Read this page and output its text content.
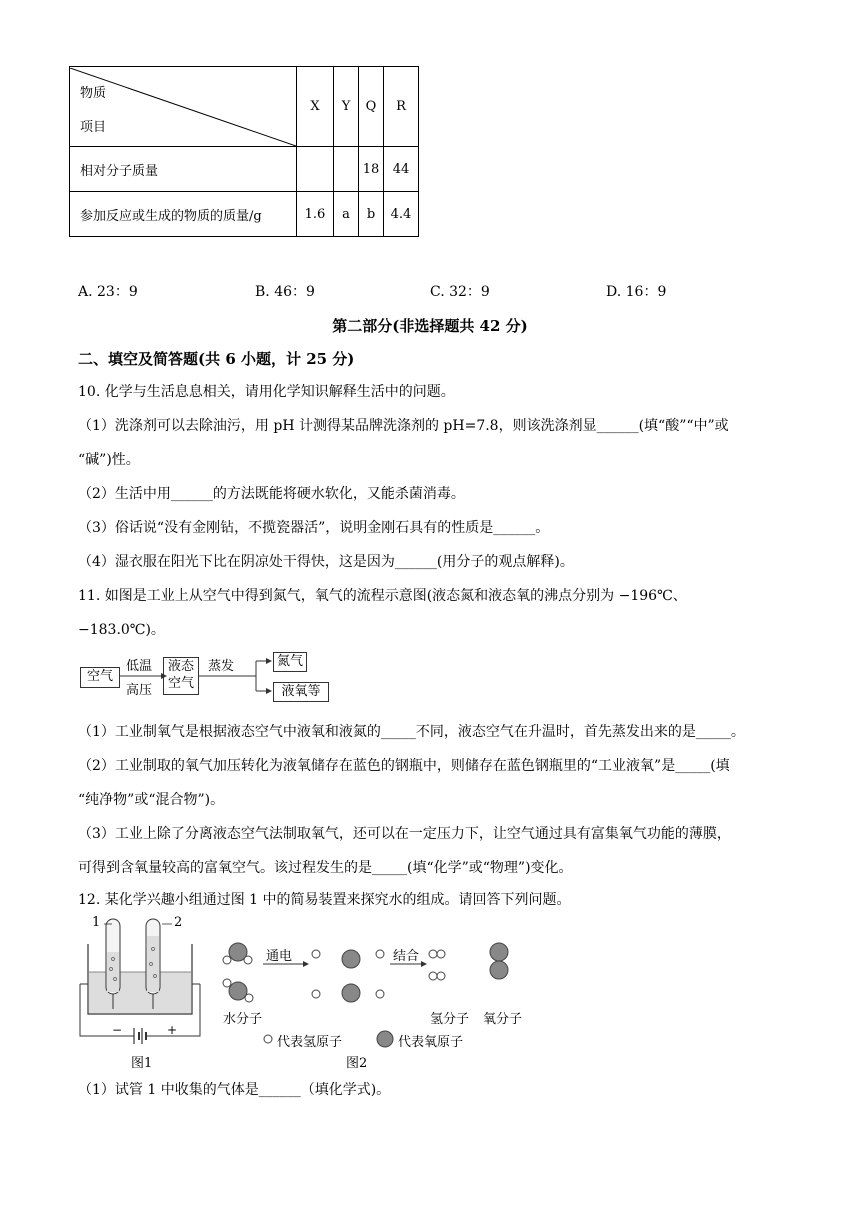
物质
项目	X	Y	Q	R
相对分子质量			18	44
参加反应或生成的物质的质量/g	1.6	a	b	4.4
A. 23：9	B. 46：9	C. 32：9	D. 16：9
第二部分(非选择题共 42 分)
二、填空及简答题(共 6 小题，计 25 分)
10. 化学与生活息息相关，请用化学知识解释生活中的问题。
（1）洗涤剂可以去除油污，用 pH 计测得某品牌洗涤剂的 pH=7.8，则该洗涤剂显______(填“酸”“中”或
“碱”)性。
（2）生活中用______的方法既能将硬水软化，又能杀菌消毒。
（3）俗话说“没有金刚钻，不揽瓷器活”，说明金刚石具有的性质是______。
（4）湿衣服在阳光下比在阴凉处干得快，这是因为______(用分子的观点解释)。
11. 如图是工业上从空气中得到氮气，氧气的流程示意图(液态氮和液态氧的沸点分别为 −196℃、
−183.0℃)。
空气
低温
高压
液态
空气
蒸发	氮气
液氧等
（1）工业制氧气是根据液态空气中液氧和液氮的_____不同，液态空气在升温时，首先蒸发出来的是_____。
（2）工业制取的氧气加压转化为液氧储存在蓝色的钢瓶中，则储存在蓝色钢瓶里的“工业液氧”是_____(填
“纯净物”或“混合物”)。
（3）工业上除了分离液态空气法制取氧气，还可以在一定压力下，让空气通过具有富集氧气功能的薄膜，
可得到含氧量较高的富氧空气。该过程发生的是_____(填“化学”或“物理”)变化。
12. 某化学兴趣小组通过图 1 中的简易装置来探究水的组成。请回答下列问题。
1	2
−	+
图1
通电	结合
水分子	氢分子 氧分子
代表氢原子	代表氧原子
图2
（1）试管 1 中收集的气体是______（填化学式)。
